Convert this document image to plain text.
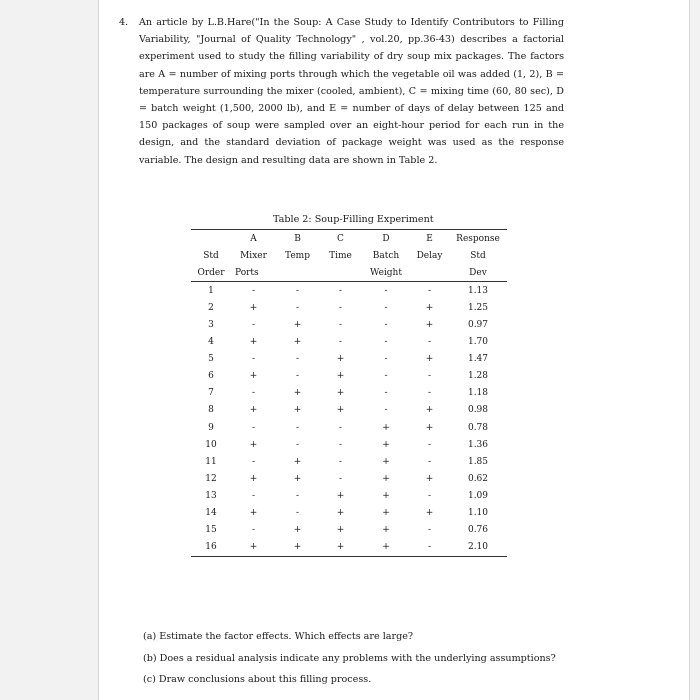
4. An article by L.B.Hare("In the Soup: A Case Study to Identify Contributors to Filling Variability, "Journal of Quality Technology" , vol.20, pp.36-43) describes a factorial experiment used to study the filling variability of dry soup mix packages. The factors are A = number of mixing ports through which the vegetable oil was added (1, 2), B = temperature surrounding the mixer (cooled, ambient), C = mixing time (60, 80 sec), D = batch weight (1,500, 2000 lb), and E = number of days of delay between 125 and 150 packages of soup were sampled over an eight-hour period for each run in the design, and the standard deviation of package weight was used as the response variable. The design and resulting data are shown in Table 2.
Table 2: Soup-Filling Experiment
	A	B	C	D	E	Response
Std	Mixer	Temp	Time	Batch	Delay	Std
Order	Ports			Weight		Dev
1	-	-	-	-	-	1.13
2	+	-	-	-	+	1.25
3	-	+	-	-	+	0.97
4	+	+	-	-	-	1.70
5	-	-	+	-	+	1.47
6	+	-	+	-	-	1.28
7	-	+	+	-	-	1.18
8	+	+	+	-	+	0.98
9	-	-	-	+	+	0.78
10	+	-	-	+	-	1.36
11	-	+	-	+	-	1.85
12	+	+	-	+	+	0.62
13	-	-	+	+	-	1.09
14	+	-	+	+	+	1.10
15	-	+	+	+	-	0.76
16	+	+	+	+	-	2.10
(a) Estimate the factor effects. Which effects are large?
(b) Does a residual analysis indicate any problems with the underlying assumptions?
(c) Draw conclusions about this filling process.
